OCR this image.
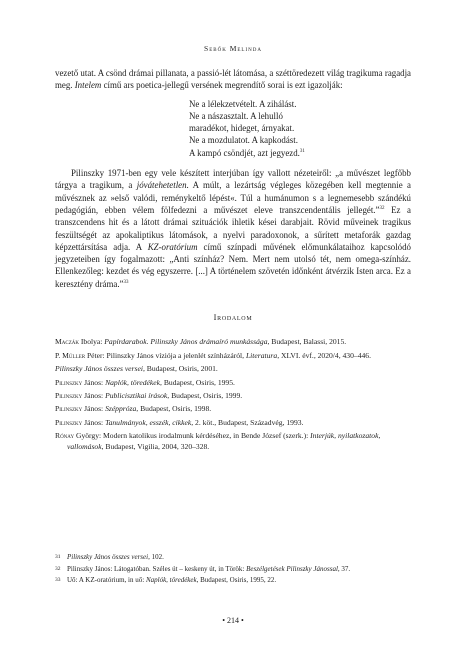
Sebők Melinda

vezető utat. A csönd drámai pillanata, a passió-lét látomása, a széttöredezett világ tragikuma ragadja meg. Intelem című ars poetica-jellegű versének megrendítő sorai is ezt igazolják:

Ne a lélekzetvételt. A zihálást.
Ne a nászasztalt. A lehulló
maradékot, hideget, árnyakat.
Ne a mozdulatot. A kapkodást.
A kampó csöndjét, azt jegyezd.$^{31}$

Pilinszky 1971-ben egy vele készített interjúban így vallott nézeteiről: „a művészet legfőbb tárgya a tragikum, a jóvátehetetlen. A múlt, a lezártság végleges közegében kell megtennie a művésznek az »első valódi, reménykeltő lépést«. Túl a humánumon s a legnemesebb szándékú pedagógián, ebben vélem fölfedezni a művészet eleve transzcendentális jellegét.”$^{32}$ Ez a transzcendens hit és a látott drámai szituációk ihletik kései darabjait. Rövid műveinek tragikus feszültségét az apokaliptikus látomások, a nyelvi paradoxonok, a sűrített metaforák gazdag képzettársítása adja. A KZ-oratórium című színpadi művének előmunkálataihoz kapcsolódó jegyzeteiben így fogalmazott: „Anti színház? Nem. Mert nem utolsó tét, nem omega-színház. Ellenkezőleg: kezdet és vég egyszerre. [...] A történelem szövetén időnként átvérzik Isten arca. Ez a keresztény dráma.”$^{33}$

Irodalom

Maczák Ibolya: Papírdarabok. Pilinszky János drámaíró munkássága, Budapest, Balassi, 2015.

P. Müller Péter: Pilinszky János víziója a jelenlét színházáról, Literatura, XLVI. évf., 2020/4, 430–446.

Pilinszky János összes versei, Budapest, Osiris, 2001.

Pilinszky János: Naplók, töredékek, Budapest, Osiris, 1995.

Pilinszky János: Publicisztikai írások, Budapest, Osiris, 1999.

Pilinszky János: Széppróza, Budapest, Osiris, 1998.

Pilinszky János: Tanulmányok, esszék, cikkek, 2. köt., Budapest, Századvég, 1993.

Rónay György: Modern katolikus irodalmunk kérdéséhez, in Bende József (szerk.): Interjúk, nyilatkozatok, vallomások, Budapest, Vigilia, 2004, 320–328.

31 Pilinszky János összes versei, 102.

32 Pilinszky János: Látogatóban. Széles út – keskeny út, in Török: Beszélgetések Pilinszky Jánossal, 37.

33 Uő: A KZ-oratórium, in uő: Naplók, töredékek, Budapest, Osiris, 1995, 22.

• 214 •
